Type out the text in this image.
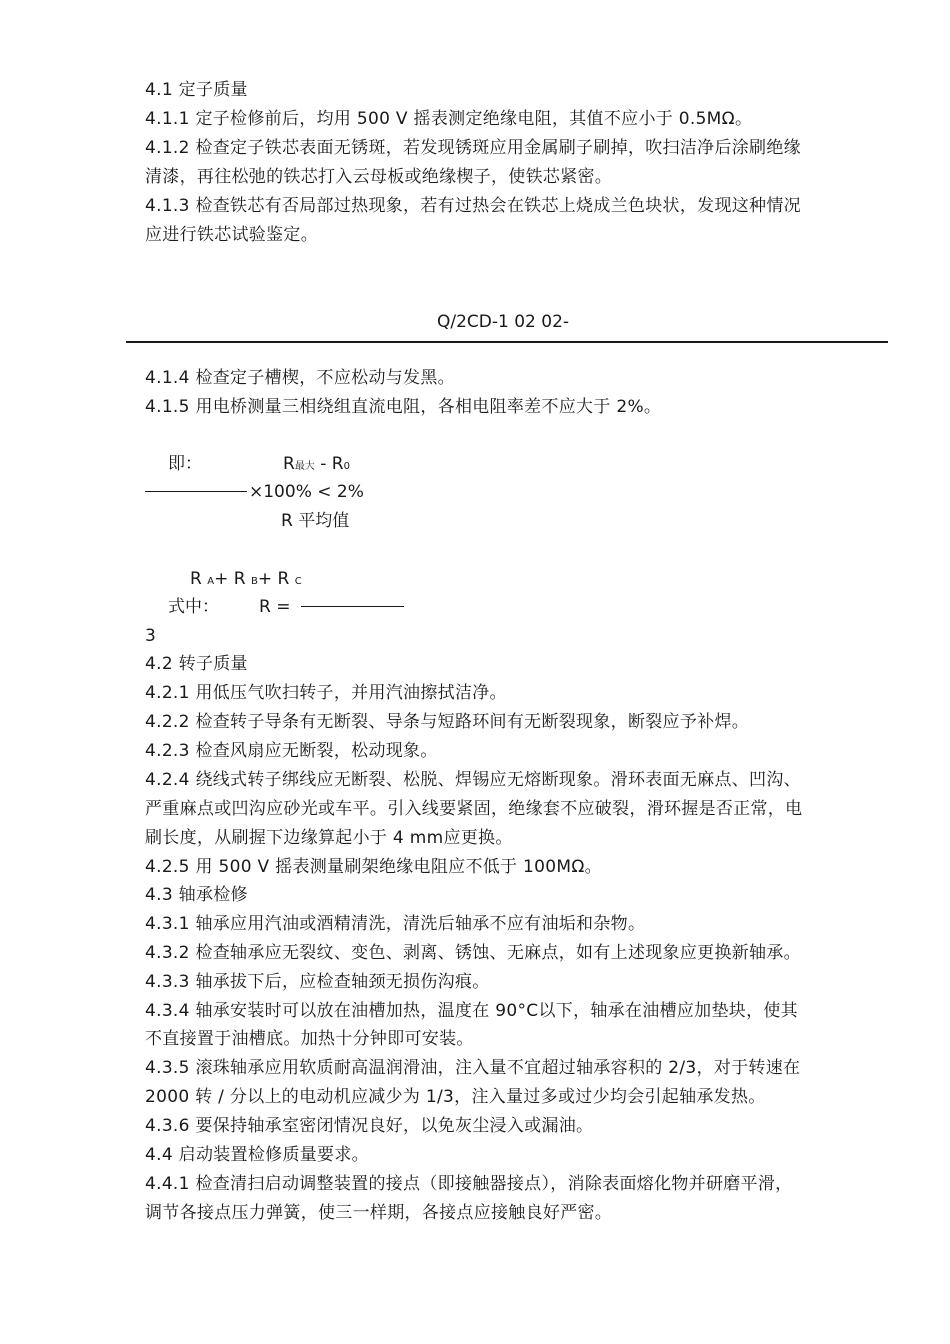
4.1 定子质量
4.1.1 定子检修前后，均用 500 V 摇表测定绝缘电阻，其值不应小于 0.5MΩ。
4.1.2 检查定子铁芯表面无锈斑，若发现锈斑应用金属刷子刷掉，吹扫洁净后涂刷绝缘
清漆，再往松弛的铁芯打入云母板或绝缘楔子，使铁芯紧密。
4.1.3 检查铁芯有否局部过热现象，若有过热会在铁芯上烧成兰色块状，发现这种情况
应进行铁芯试验鉴定。
Q/2CD-1 02 02-
4.1.4 检查定子槽楔，不应松动与发黑。
4.1.5 用电桥测量三相绕组直流电阻，各相电阻率差不应大于 2%。
即：	R最大 - R0
×100% < 2%
R 平均值
R A+ R B+ R C
式中： R =
3
4.2 转子质量
4.2.1 用低压气吹扫转子，并用汽油擦拭洁净。
4.2.2 检查转子导条有无断裂、导条与短路环间有无断裂现象，断裂应予补焊。
4.2.3 检查风扇应无断裂，松动现象。
4.2.4 绕线式转子绑线应无断裂、松脱、焊锡应无熔断现象。滑环表面无麻点、凹沟、
严重麻点或凹沟应砂光或车平。引入线要紧固，绝缘套不应破裂，滑环握是否正常，电
刷长度，从刷握下边缘算起小于 4 mm应更换。
4.2.5 用 500 V 摇表测量刷架绝缘电阻应不低于 100MΩ。
4.3 轴承检修
4.3.1 轴承应用汽油或酒精清洗，清洗后轴承不应有油垢和杂物。
4.3.2 检查轴承应无裂纹、变色、剥离、锈蚀、无麻点，如有上述现象应更换新轴承。
4.3.3 轴承拔下后，应检查轴颈无损伤沟痕。
4.3.4 轴承安装时可以放在油槽加热，温度在 90°C以下，轴承在油槽应加垫块，使其
不直接置于油槽底。加热十分钟即可安装。
4.3.5 滚珠轴承应用软质耐高温润滑油，注入量不宜超过轴承容积的 2/3，对于转速在
2000 转 / 分以上的电动机应减少为 1/3，注入量过多或过少均会引起轴承发热。
4.3.6 要保持轴承室密闭情况良好，以免灰尘浸入或漏油。
4.4 启动装置检修质量要求。
4.4.1 检查清扫启动调整装置的接点（即接触器接点），消除表面熔化物并研磨平滑，
调节各接点压力弹簧，使三一样期，各接点应接触良好严密。
